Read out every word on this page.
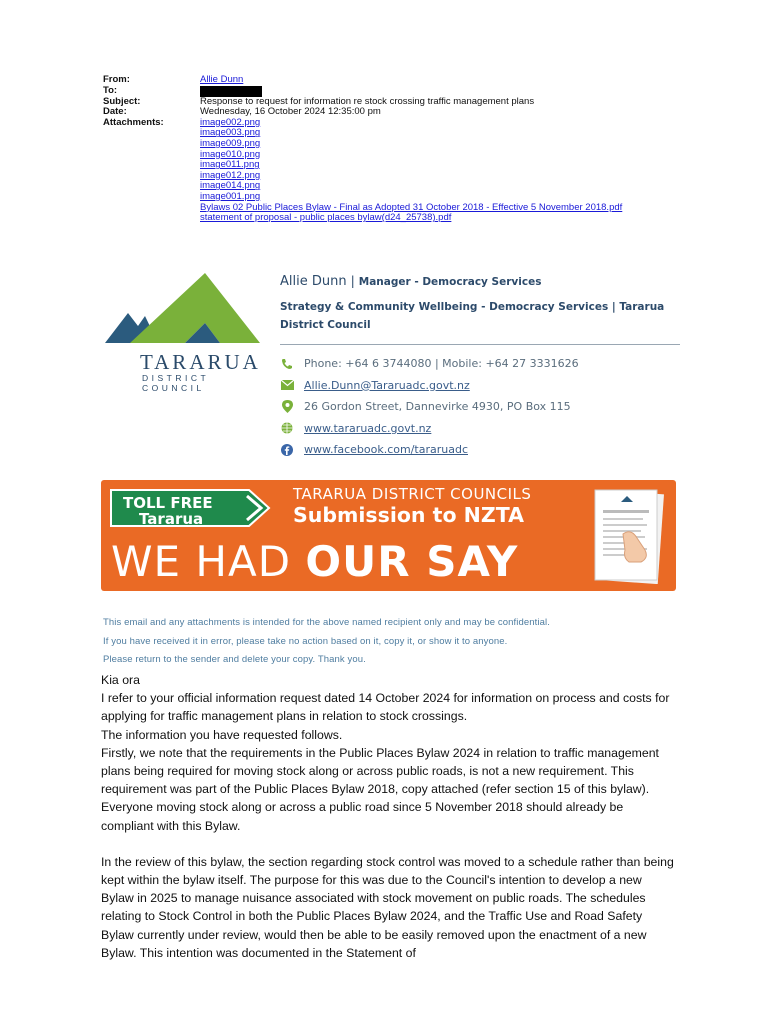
From:	Allie Dunn
To:
Subject:	Response to request for information re stock crossing traffic management plans
Date:	Wednesday, 16 October 2024 12:35:00 pm
Attachments:	image002.png
image003.png
image009.png
image010.png
image011.png
image012.png
image014.png
image001.png
Bylaws 02 Public Places Bylaw - Final as Adopted 31 October 2018 - Effective 5 November 2018.pdf
statement of proposal - public places bylaw(d24_25738).pdf
TARARUA
DISTRICT COUNCIL
Allie Dunn | Manager - Democracy Services
Strategy & Community Wellbeing - Democracy Services | Tararua District Council
Phone: +64 6 3744080 | Mobile: +64 27 3331626
Allie.Dunn@Tararuadc.govt.nz
26 Gordon Street, Dannevirke 4930, PO Box 115
www.tararuadc.govt.nz
www.facebook.com/tararuadc
TOLL FREE
Tararua
TARARUA DISTRICT COUNCILS
Submission to NZTA
WE HAD OUR SAY
This email and any attachments is intended for the above named recipient only and may be confidential.
If you have received it in error, please take no action based on it, copy it, or show it to anyone.
Please return to the sender and delete your copy. Thank you.

Kia ora

I refer to your official information request dated 14 October 2024 for information on process and costs for applying for traffic management plans in relation to stock crossings.

The information you have requested follows.

Firstly, we note that the requirements in the Public Places Bylaw 2024 in relation to traffic management plans being required for moving stock along or across public roads, is not a new requirement. This requirement was part of the Public Places Bylaw 2018, copy attached (refer section 15 of this bylaw). Everyone moving stock along or across a public road since 5 November 2018 should already be compliant with this Bylaw.

In the review of this bylaw, the section regarding stock control was moved to a schedule rather than being kept within the bylaw itself. The purpose for this was due to the Council's intention to develop a new Bylaw in 2025 to manage nuisance associated with stock movement on public roads. The schedules relating to Stock Control in both the Public Places Bylaw 2024, and the Traffic Use and Road Safety Bylaw currently under review, would then be able to be easily removed upon the enactment of a new Bylaw. This intention was documented in the Statement of
